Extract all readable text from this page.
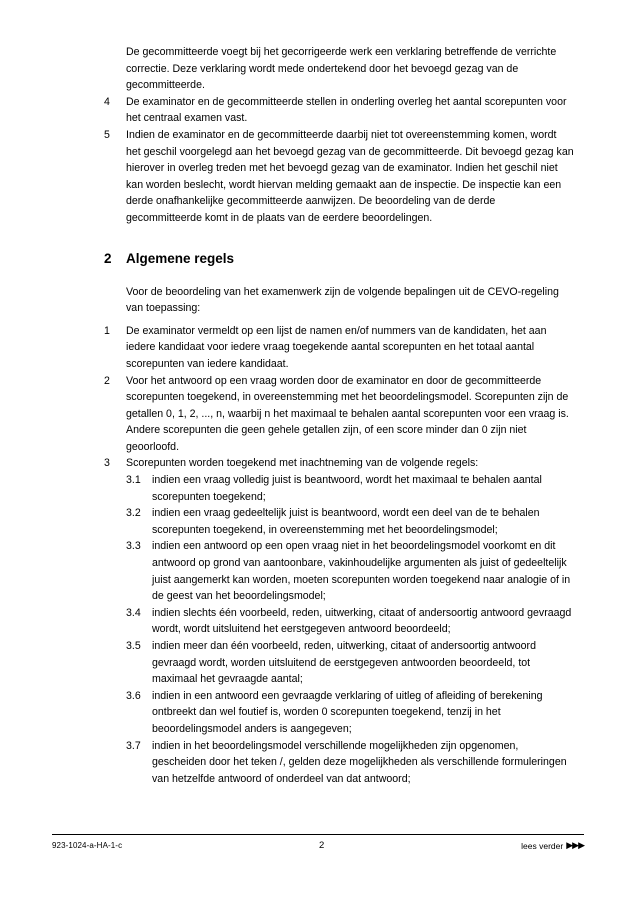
De gecommitteerde voegt bij het gecorrigeerde werk een verklaring betreffende de verrichte correctie. Deze verklaring wordt mede ondertekend door het bevoegd gezag van de gecommitteerde.
4	De examinator en de gecommitteerde stellen in onderling overleg het aantal scorepunten voor het centraal examen vast.
5	Indien de examinator en de gecommitteerde daarbij niet tot overeenstemming komen, wordt het geschil voorgelegd aan het bevoegd gezag van de gecommitteerde. Dit bevoegd gezag kan hierover in overleg treden met het bevoegd gezag van de examinator. Indien het geschil niet kan worden beslecht, wordt hiervan melding gemaakt aan de inspectie. De inspectie kan een derde onafhankelijke gecommitteerde aanwijzen. De beoordeling van de derde gecommitteerde komt in de plaats van de eerdere beoordelingen.
2	Algemene regels
Voor de beoordeling van het examenwerk zijn de volgende bepalingen uit de CEVO-regeling van toepassing:
1	De examinator vermeldt op een lijst de namen en/of nummers van de kandidaten, het aan iedere kandidaat voor iedere vraag toegekende aantal scorepunten en het totaal aantal scorepunten van iedere kandidaat.
2	Voor het antwoord op een vraag worden door de examinator en door de gecommitteerde scorepunten toegekend, in overeenstemming met het beoordelingsmodel. Scorepunten zijn de getallen 0, 1, 2, ..., n, waarbij n het maximaal te behalen aantal scorepunten voor een vraag is. Andere scorepunten die geen gehele getallen zijn, of een score minder dan 0 zijn niet geoorloofd.
3	Scorepunten worden toegekend met inachtneming van de volgende regels:
3.1	indien een vraag volledig juist is beantwoord, wordt het maximaal te behalen aantal scorepunten toegekend;
3.2	indien een vraag gedeeltelijk juist is beantwoord, wordt een deel van de te behalen scorepunten toegekend, in overeenstemming met het beoordelingsmodel;
3.3	indien een antwoord op een open vraag niet in het beoordelingsmodel voorkomt en dit antwoord op grond van aantoonbare, vakinhoudelijke argumenten als juist of gedeeltelijk juist aangemerkt kan worden, moeten scorepunten worden toegekend naar analogie of in de geest van het beoordelingsmodel;
3.4	indien slechts één voorbeeld, reden, uitwerking, citaat of andersoortig antwoord gevraagd wordt, wordt uitsluitend het eerstgegeven antwoord beoordeeld;
3.5	indien meer dan één voorbeeld, reden, uitwerking, citaat of andersoortig antwoord gevraagd wordt, worden uitsluitend de eerstgegeven antwoorden beoordeeld, tot maximaal het gevraagde aantal;
3.6	indien in een antwoord een gevraagde verklaring of uitleg of afleiding of berekening ontbreekt dan wel foutief is, worden 0 scorepunten toegekend, tenzij in het beoordelingsmodel anders is aangegeven;
3.7	indien in het beoordelingsmodel verschillende mogelijkheden zijn opgenomen, gescheiden door het teken /, gelden deze mogelijkheden als verschillende formuleringen van hetzelfde antwoord of onderdeel van dat antwoord;
923-1024-a-HA-1-c	2	lees verder ▶▶▶
